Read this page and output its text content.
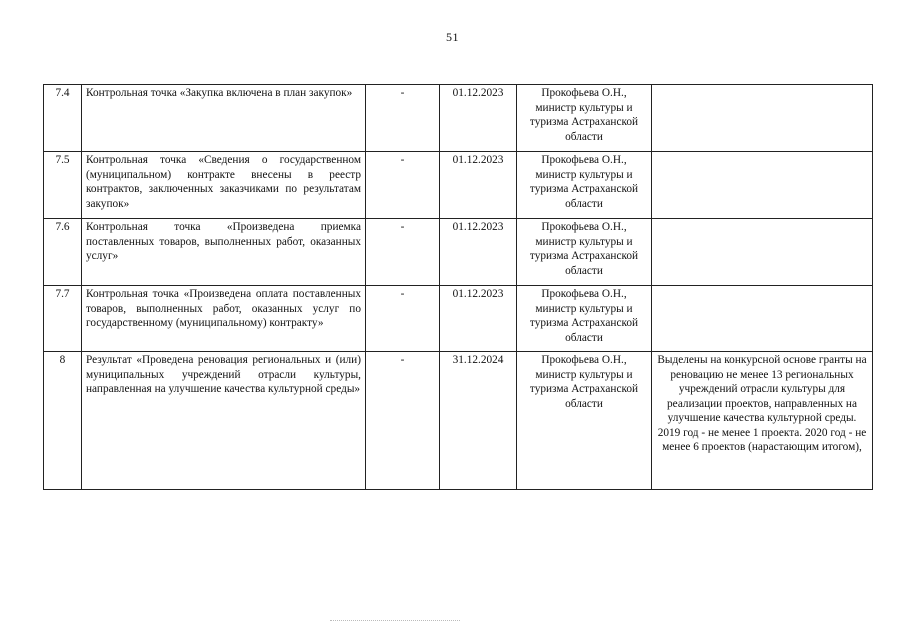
51
7.4	Контрольная точка «Закупка включена в план закупок»	-	01.12.2023	Прокофьева О.Н., министр культуры и туризма Астраханской области	
7.5	Контрольная точка «Сведения о государственном (муниципальном) контракте внесены в реестр контрактов, заключенных заказчиками по результатам закупок»	-	01.12.2023	Прокофьева О.Н., министр культуры и туризма Астраханской области	
7.6	Контрольная точка «Произведена приемка поставленных товаров, выполненных работ, оказанных услуг»	-	01.12.2023	Прокофьева О.Н., министр культуры и туризма Астраханской области	
7.7	Контрольная точка «Произведена оплата поставленных товаров, выполненных работ, оказанных услуг по государственному (муниципальному) контракту»	-	01.12.2023	Прокофьева О.Н., министр культуры и туризма Астраханской области	
8	Результат «Проведена реновация региональных и (или) муниципальных учреждений отрасли культуры, направленная на улучшение качества культурной среды»	-	31.12.2024	Прокофьева О.Н., министр культуры и туризма Астраханской области	Выделены на конкурсной основе гранты на реновацию не менее 13 региональных учреждений отрасли культуры для реализации проектов, направленных на улучшение качества культурной среды. 2019 год - не менее 1 проекта. 2020 год - не менее 6 проектов (нарастающим итогом),
